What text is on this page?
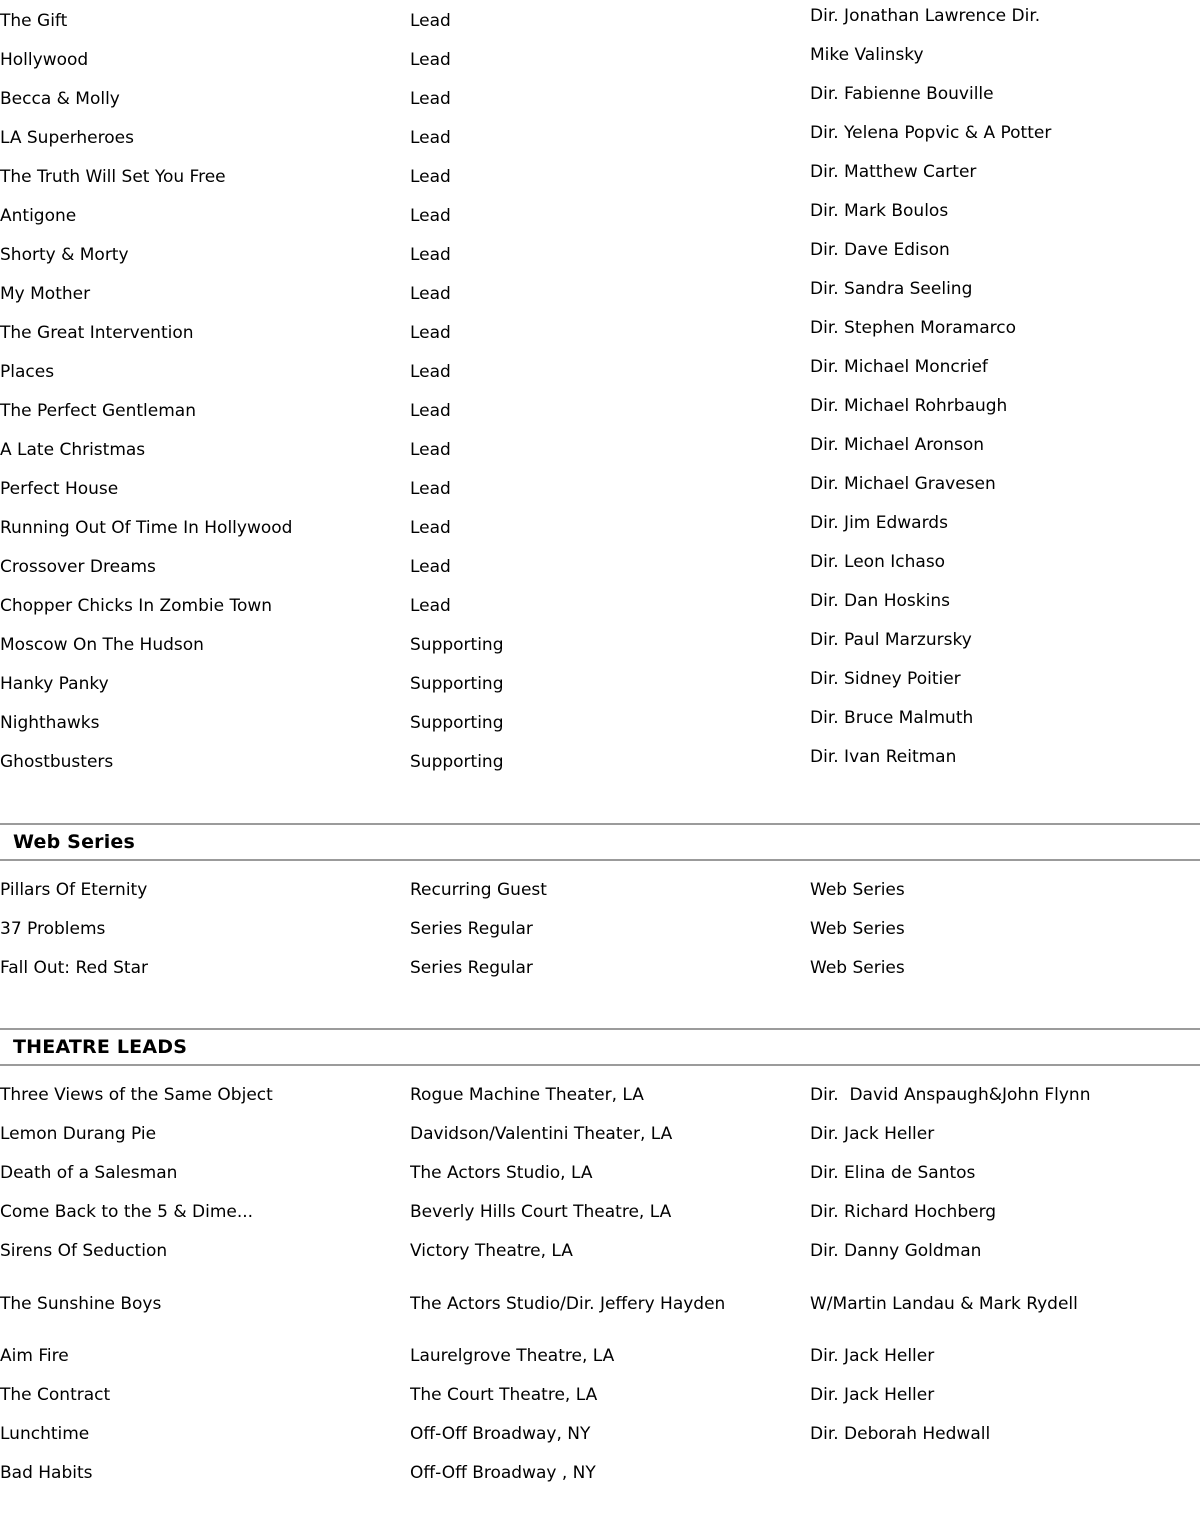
The Gift	Lead	Dir. Jonathan Lawrence Dir.

Hollywood	Lead	Mike Valinsky

Becca & Molly	Lead	Dir. Fabienne Bouville

LA Superheroes	Lead	Dir. Yelena Popvic & A Potter

The Truth Will Set You Free	Lead	Dir. Matthew Carter

Antigone	Lead	Dir. Mark Boulos

Shorty & Morty	Lead	Dir. Dave Edison

My Mother	Lead	Dir. Sandra Seeling

The Great Intervention	Lead	Dir. Stephen Moramarco

Places	Lead	Dir. Michael Moncrief

The Perfect Gentleman	Lead	Dir. Michael Rohrbaugh

A Late Christmas	Lead	Dir. Michael Aronson

Perfect House	Lead	Dir. Michael Gravesen

Running Out Of Time In Hollywood	Lead	Dir. Jim Edwards

Crossover Dreams	Lead	Dir. Leon Ichaso

Chopper Chicks In Zombie Town	Lead	Dir. Dan Hoskins

Moscow On The Hudson	Supporting	Dir. Paul Marzursky

Hanky Panky	Supporting	Dir. Sidney Poitier

Nighthawks	Supporting	Dir. Bruce Malmuth

Ghostbusters	Supporting	Dir. Ivan Reitman
Web Series
Pillars Of Eternity	Recurring Guest	Web Series

37 Problems	Series Regular	Web Series

Fall Out: Red Star	Series Regular	Web Series
THEATRE LEADS
Three Views of the Same Object	Rogue Machine Theater, LA	Dir.  David Anspaugh&John Flynn

Lemon Durang Pie	Davidson/Valentini Theater, LA	Dir. Jack Heller

Death of a Salesman	The Actors Studio, LA	Dir. Elina de Santos

Come Back to the 5 & Dime...	Beverly Hills Court Theatre, LA	Dir. Richard Hochberg

Sirens Of Seduction	Victory Theatre, LA	Dir. Danny Goldman

The Sunshine Boys	The Actors Studio/Dir. Jeffery Hayden	W/Martin Landau & Mark Rydell

Aim Fire	Laurelgrove Theatre, LA	Dir. Jack Heller

The Contract	The Court Theatre, LA	Dir. Jack Heller

Lunchtime	Off-Off Broadway, NY	Dir. Deborah Hedwall

Bad Habits	Off-Off Broadway , NY	
